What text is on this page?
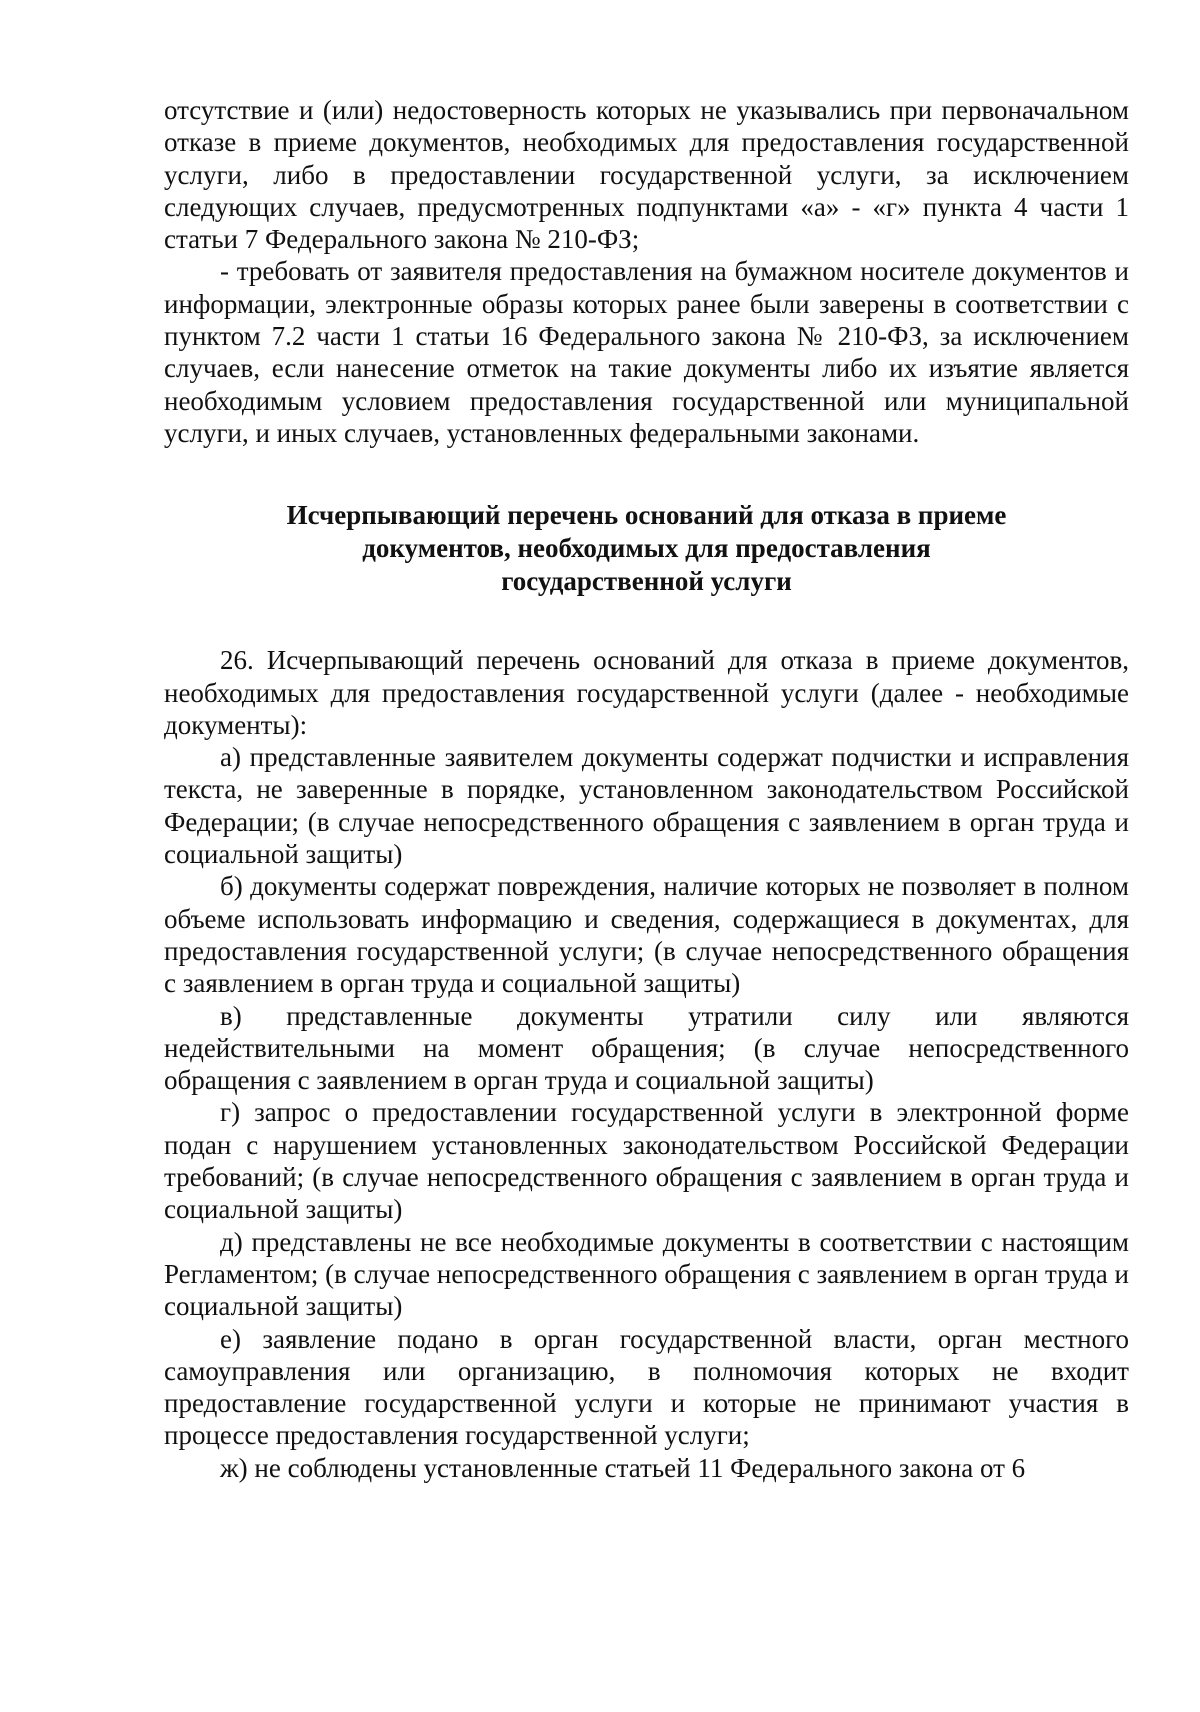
отсутствие и (или) недостоверность которых не указывались при первоначальном отказе в приеме документов, необходимых для предоставления государственной услуги, либо в предоставлении государственной услуги, за исключением следующих случаев, предусмотренных подпунктами «а» - «г» пункта 4 части 1 статьи 7 Федерального закона № 210-ФЗ;

- требовать от заявителя предоставления на бумажном носителе документов и информации, электронные образы которых ранее были заверены в соответствии с пунктом 7.2 части 1 статьи 16 Федерального закона № 210-ФЗ, за исключением случаев, если нанесение отметок на такие документы либо их изъятие является необходимым условием предоставления государственной или муниципальной услуги, и иных случаев, установленных федеральными законами.

Исчерпывающий перечень оснований для отказа в приеме
документов, необходимых для предоставления
государственной услуги

26. Исчерпывающий перечень оснований для отказа в приеме документов, необходимых для предоставления государственной услуги (далее - необходимые документы):

а) представленные заявителем документы содержат подчистки и исправления текста, не заверенные в порядке, установленном законодательством Российской Федерации; (в случае непосредственного обращения с заявлением в орган труда и социальной защиты)

б) документы содержат повреждения, наличие которых не позволяет в полном объеме использовать информацию и сведения, содержащиеся в документах, для предоставления государственной услуги; (в случае непосредственного обращения с заявлением в орган труда и социальной защиты)

в) представленные документы утратили силу или являются недействительными на момент обращения; (в случае непосредственного обращения с заявлением в орган труда и социальной защиты)

г) запрос о предоставлении государственной услуги в электронной форме подан с нарушением установленных законодательством Российской Федерации требований; (в случае непосредственного обращения с заявлением в орган труда и социальной защиты)

д) представлены не все необходимые документы в соответствии с настоящим Регламентом; (в случае непосредственного обращения с заявлением в орган труда и социальной защиты)

е) заявление подано в орган государственной власти, орган местного самоуправления или организацию, в полномочия которых не входит предоставление государственной услуги и которые не принимают участия в процессе предоставления государственной услуги;

ж) не соблюдены установленные статьей 11 Федерального закона от 6
